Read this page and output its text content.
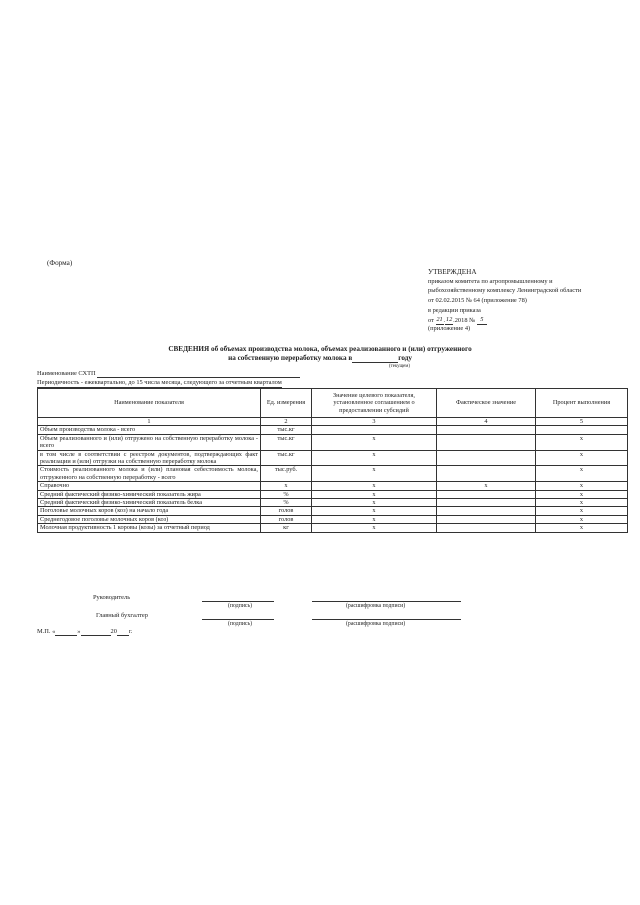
(Форма)
УТВЕРЖДЕНА
приказом комитета по агропромышленному и
рыбохозяйственному комплексу Ленинградской области
от 02.02.2015 № 64 (приложение 78)
в редакции приказа
от 21.12.2018 № 5
(приложение 4)
СВЕДЕНИЯ об объемах производства молока, объемах реализованного и (или) отгруженного
на собственную переработку молока в	году
(текущем)
Наименование СХТП
Периодичность - ежеквартально, до 15 числа месяца, следующего за отчетным кварталом
Наименование показателя	Ед. измерения	Значение целевого показателя, установленное соглашением о предоставлении субсидий	Фактическое значение	Процент выполнения
1	2	3	4	5
Объем производства молока - всего	тыс.кг			
Объем реализованного и (или) отгружено на собственную переработку молока - всего	тыс.кг	х		х
в том числе в соответствии с реестром документов, подтверждающих факт реализации и (или) отгрузки на собственную переработку молока	тыс.кг	х		х
Стоимость реализованного молока и (или) плановая себестоимость молока, отгруженного на собственную переработку - всего	тыс.руб.	х		х
Справочно	х	х	х	х
Средний фактический физико-химический показатель жира	%	х		х
Средний фактический физико-химический показатель белка	%	х		х
Поголовье молочных коров (коз) на начало года	голов	х		х
Среднегодовое поголовье молочных коров (коз)	голов	х		х
Молочная продуктивность 1 коровы (козы) за отчетный период	кг	х		х
Руководитель
(подпись)	(расшифровка подписи)
Главный бухгалтер
(подпись)	(расшифровка подписи)
М.П. «	»	20 г.
